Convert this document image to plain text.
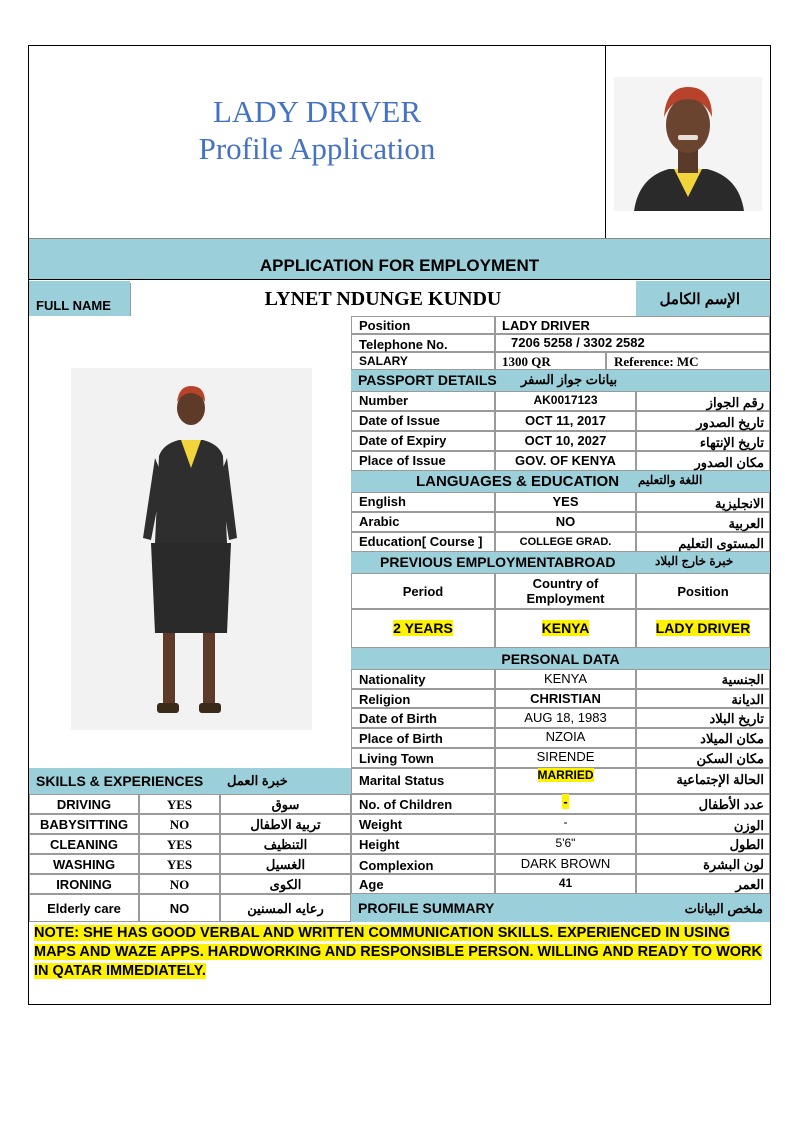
LADY DRIVER
Profile Application
APPLICATION FOR EMPLOYMENT
FULL NAME	LYNET NDUNGE KUNDU	الإسم الكامل
Position	LADY DRIVER
Telephone No.	7206 5258 / 3302 2582
SALARY	1300 QR	Reference: MC
PASSPORT DETAILS بيانات جواز السفر
Number	AK0017123	رقم الجواز
Date of Issue	OCT 11, 2017	تاريخ الصدور
Date of Expiry	OCT 10, 2027	تاريخ الإنتهاء
Place of Issue	GOV. OF KENYA	مكان الصدور
LANGUAGES & EDUCATION اللغة والتعليم
English	YES	الانجليزية
Arabic	NO	العربية
Education[ Course ]	COLLEGE GRAD.	المستوى التعليم
PREVIOUS EMPLOYMENTABROAD	خبرة خارج البلاد
Period	Country of Employment	Position
2 YEARS	KENYA	LADY DRIVER
PERSONAL DATA
Nationality	KENYA	الجنسية
Religion	CHRISTIAN	الديانة
Date of Birth	AUG 18, 1983	تاريخ البلاد
Place of Birth	NZOIA	مكان الميلاد
Living Town	SIRENDE	مكان السكن
Marital Status	MARRIED	الحالة الإجتماعية
No. of Children	-	عدد الأطفال
Weight	-	الوزن
Height	5'6"	الطول
Complexion	DARK BROWN	لون البشرة
Age	41	العمر
PROFILE SUMMARY	ملخص البيانات
SKILLS & EXPERIENCES خبرة العمل
DRIVING	YES	سوق
BABYSITTING	NO	تربية الاطفال
CLEANING	YES	التنظيف
WASHING	YES	الغسيل
IRONING	NO	الكوى
Elderly care	NO	رعايه المسنين
NOTE: SHE HAS GOOD VERBAL AND WRITTEN COMMUNICATION SKILLS. EXPERIENCED IN USING MAPS AND WAZE APPS. HARDWORKING AND RESPONSIBLE PERSON. WILLING AND READY TO WORK IN QATAR IMMEDIATELY.
